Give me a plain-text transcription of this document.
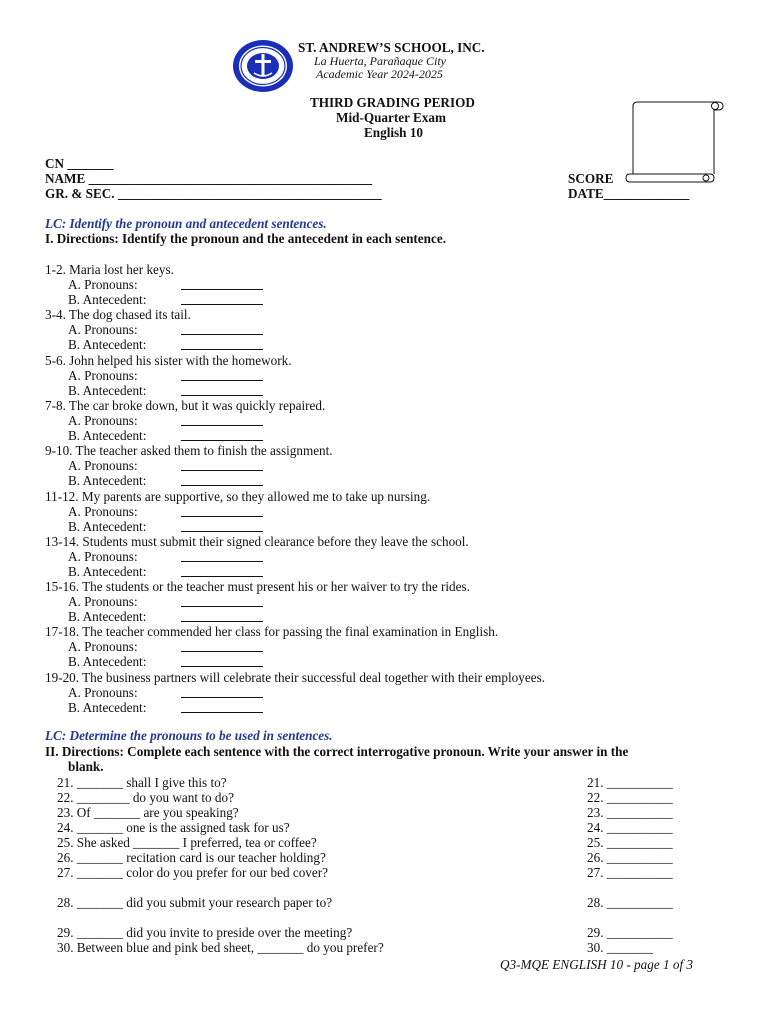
ST. ANDREW’S SCHOOL, INC.
La Huerta, Parañaque City
Academic Year 2024-2025
THIRD GRADING PERIOD
Mid-Quarter Exam
English 10
CN _______
NAME ___________________________________________
GR. & SEC. ________________________________________
SCORE
DATE_____________
LC: Identify the pronoun and antecedent sentences.
I. Directions: Identify the pronoun and the antecedent in each sentence.
1-2. Maria lost her keys.
A. Pronouns:
B. Antecedent:
3-4. The dog chased its tail.
A. Pronouns:
B. Antecedent:
5-6. John helped his sister with the homework.
A. Pronouns:
B. Antecedent:
7-8. The car broke down, but it was quickly repaired.
A. Pronouns:
B. Antecedent:
9-10. The teacher asked them to finish the assignment.
A. Pronouns:
B. Antecedent:
11-12. My parents are supportive, so they allowed me to take up nursing.
A. Pronouns:
B. Antecedent:
13-14. Students must submit their signed clearance before they leave the school.
A. Pronouns:
B. Antecedent:
15-16. The students or the teacher must present his or her waiver to try the rides.
A. Pronouns:
B. Antecedent:
17-18. The teacher commended her class for passing the final examination in English.
A. Pronouns:
B. Antecedent:
19-20. The business partners will celebrate their successful deal together with their employees.
A. Pronouns:
B. Antecedent:
LC: Determine the pronouns to be used in sentences.
II. Directions: Complete each sentence with the correct interrogative pronoun. Write your answer in the
blank.
21. _______ shall I give this to?	21. __________
22. ________ do you want to do?	22. __________
23. Of _______ are you speaking?	23. __________
24. _______ one is the assigned task for us?	24. __________
25. She asked _______ I preferred, tea or coffee?	25. __________
26. _______ recitation card is our teacher holding?	26. __________
27. _______ color do you prefer for our bed cover?	27. __________
28. _______ did you submit your research paper to?	28. __________
29. _______ did you invite to preside over the meeting?	29. __________
30. Between blue and pink bed sheet, _______ do you prefer?	30. _______
Q3-MQE ENGLISH 10 - page 1 of 3
